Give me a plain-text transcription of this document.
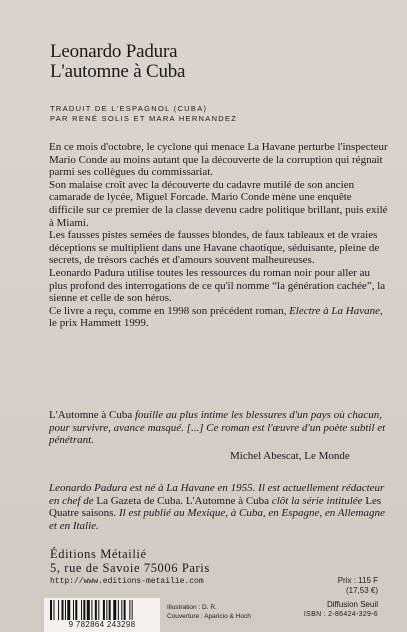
Leonardo Padura
L'automne à Cuba
TRADUIT DE L'ESPAGNOL (CUBA)
PAR RENÉ SOLIS ET MARA HERNANDEZ

En ce mois d'octobre, le cyclone qui menace La Havane perturbe l'inspecteur Mario Conde au moins autant que la découverte de la corruption qui régnait parmi ses collègues du commissariat.

Son malaise croît avec la découverte du cadavre mutilé de son ancien camarade de lycée, Miguel Forcade. Mario Conde mène une enquête difficile sur ce premier de la classe devenu cadre politique brillant, puis exilé à Miami.

Les fausses pistes semées de fausses blondes, de faux tableaux et de vraies déceptions se multiplient dans une Havane chaotique, séduisante, pleine de secrets, de trésors cachés et d'amours souvent malheureuses.

Leonardo Padura utilise toutes les ressources du roman noir pour aller au plus profond des interrogations de ce qu'il nomme “la génération cachée”, la sienne et celle de son héros.

Ce livre a reçu, comme en 1998 son précédent roman, Electre à La Havane, le prix Hammett 1999.

L'Automne à Cuba fouille au plus intime les blessures d'un pays où chacun, pour survivre, avance masqué. [...] Ce roman est l'œuvre d'un poète subtil et pénétrant.

Michel Abescat, Le Monde

Leonardo Padura est né à La Havane en 1955. Il est actuellement rédacteur en chef de La Gazeta de Cuba. L'Automne à Cuba clôt la série intitulée Les Quatre saisons. Il est publié au Mexique, à Cuba, en Espagne, en Allemagne et en Italie.

Éditions Métailié
5, rue de Savoie 75006 Paris
http://www.editions-metailie.com
9 782864 243298
Illustration : D. R.
Couverture : Aparicio & Hoch
Prix : 115 F
(17,53 €)
Diffusion Seuil
ISBN : 2-86424-329-6
